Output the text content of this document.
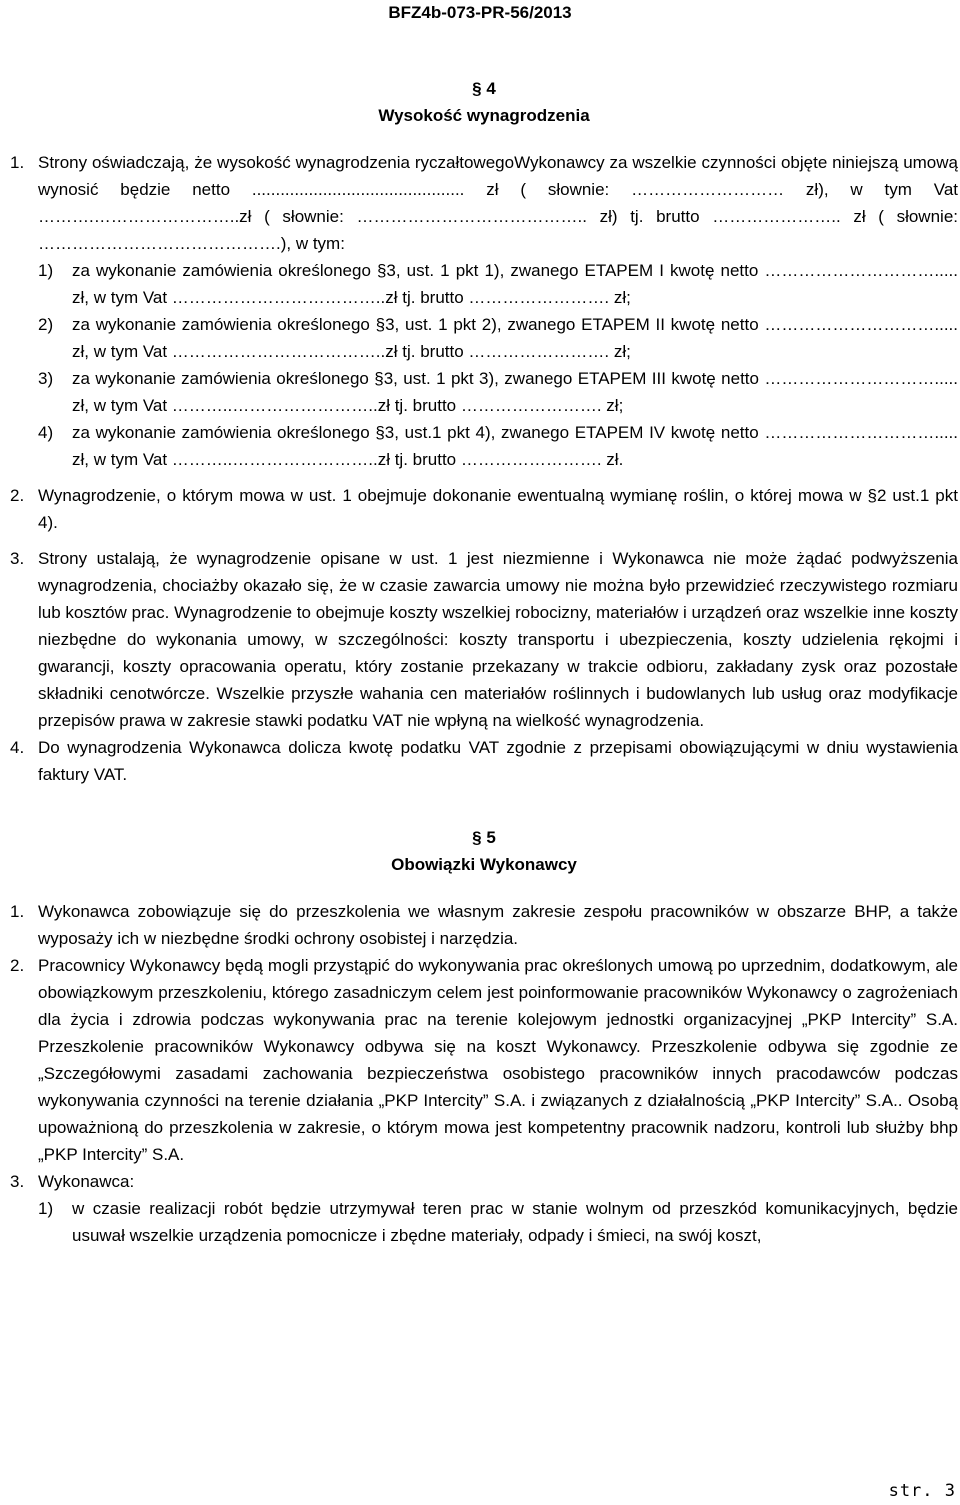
BFZ4b-073-PR-56/2013
§ 4
Wysokość wynagrodzenia
1. Strony oświadczają, że wysokość wynagrodzenia ryczałtowegoWykonawcy za wszelkie czynności objęte niniejszą umową wynosić będzie netto ............................................. zł ( słownie: ……………………… zł), w tym Vat ……….……………………..zł ( słownie: ………………………………….. zł) tj. brutto ………………….. zł ( słownie: …………………………………….), w tym:
1)	za wykonanie zamówienia określonego §3, ust. 1 pkt 1), zwanego ETAPEM I kwotę netto …………………………..... zł, w tym Vat ………………………………..zł tj. brutto ……………………. zł;
2)	za wykonanie zamówienia określonego §3, ust. 1 pkt 2), zwanego ETAPEM II kwotę netto …………………………..... zł, w tym Vat ………………………………..zł tj. brutto ……………………. zł;
3)	za wykonanie zamówienia określonego §3, ust. 1 pkt 3), zwanego ETAPEM III kwotę netto …………………………..... zł, w tym Vat ………..……………………..zł tj. brutto ……………………. zł;
4)	za wykonanie zamówienia określonego §3, ust.1 pkt 4), zwanego ETAPEM IV kwotę netto …………………………..... zł, w tym Vat ………..……………………..zł tj. brutto ……………………. zł.
2. Wynagrodzenie, o którym mowa w ust. 1 obejmuje dokonanie ewentualną wymianę roślin, o której mowa w §2 ust.1 pkt 4).
3. Strony ustalają, że wynagrodzenie opisane w ust. 1 jest niezmienne i Wykonawca nie może żądać podwyższenia wynagrodzenia, chociażby okazało się, że w czasie zawarcia umowy nie można było przewidzieć rzeczywistego rozmiaru lub kosztów prac. Wynagrodzenie to obejmuje koszty wszelkiej robocizny, materiałów i urządzeń oraz wszelkie inne koszty niezbędne do wykonania umowy, w szczególności: koszty transportu i ubezpieczenia, koszty udzielenia rękojmi i gwarancji, koszty opracowania operatu, który zostanie przekazany w trakcie odbioru, zakładany zysk oraz pozostałe składniki cenotwórcze. Wszelkie przyszłe wahania cen materiałów roślinnych i budowlanych lub usług oraz modyfikacje przepisów prawa w zakresie stawki podatku VAT nie wpłyną na wielkość wynagrodzenia.
4. Do wynagrodzenia Wykonawca dolicza kwotę podatku VAT zgodnie z przepisami obowiązującymi w dniu wystawienia faktury VAT.
§ 5
Obowiązki Wykonawcy
1. Wykonawca zobowiązuje się do przeszkolenia we własnym zakresie zespołu pracowników w obszarze BHP, a także wyposaży ich w niezbędne środki ochrony osobistej i narzędzia.
2. Pracownicy Wykonawcy będą mogli przystąpić do wykonywania prac określonych umową po uprzednim, dodatkowym, ale obowiązkowym przeszkoleniu, którego zasadniczym celem jest poinformowanie pracowników Wykonawcy o zagrożeniach dla życia i zdrowia podczas wykonywania prac na terenie kolejowym jednostki organizacyjnej „PKP Intercity” S.A. Przeszkolenie pracowników Wykonawcy odbywa się na koszt Wykonawcy. Przeszkolenie odbywa się zgodnie ze „Szczegółowymi zasadami zachowania bezpieczeństwa osobistego pracowników innych pracodawców podczas wykonywania czynności na terenie działania „PKP Intercity” S.A. i związanych z działalnością „PKP Intercity” S.A.. Osobą upoważnioną do przeszkolenia w zakresie, o którym mowa jest kompetentny pracownik nadzoru, kontroli lub służby bhp „PKP Intercity” S.A.
3. Wykonawca:
1)	w czasie realizacji robót będzie utrzymywał teren prac w stanie wolnym od przeszkód komunikacyjnych, będzie usuwał wszelkie urządzenia pomocnicze i zbędne materiały, odpady i śmieci, na swój koszt,
str. 3
